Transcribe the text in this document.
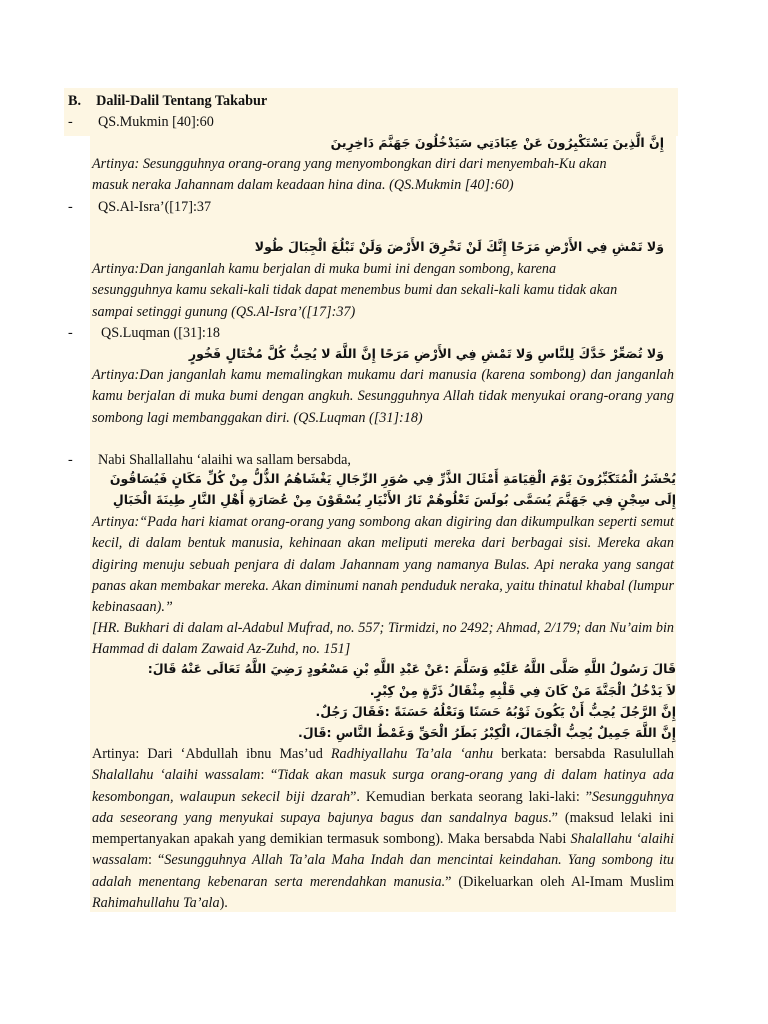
B. Dalil-Dalil Tentang Takabur
- QS.Mukmin [40]:60
إِنَّ الَّذِينَ يَسْتَكْبِرُونَ عَنْ عِبَادَتِي سَيَدْخُلُونَ جَهَنَّمَ دَاخِرِينَ
Artinya: Sesungguhnya orang-orang yang menyombongkan diri dari menyembah-Ku akan
masuk neraka Jahannam dalam keadaan hina dina. (QS.Mukmin [40]:60)
- QS.Al-Isra’([17]:37
وَلا تَمْشِ فِي الأَرْضِ مَرَحًا إِنَّكَ لَنْ تَخْرِقَ الأَرْضَ وَلَنْ تَبْلُغَ الْجِبَالَ طُولا
Artinya:Dan janganlah kamu berjalan di muka bumi ini dengan sombong, karena
sesungguhnya kamu sekali-kali tidak dapat menembus bumi dan sekali-kali kamu tidak akan
sampai setinggi gunung (QS.Al-Isra’([17]:37)
- QS.Luqman ([31]:18
وَلا تُصَعِّرْ خَدَّكَ لِلنَّاسِ وَلا تَمْشِ فِي الأَرْضِ مَرَحًا إِنَّ اللَّهَ لا يُحِبُّ كُلَّ مُخْتَالٍ فَخُورٍ
Artinya:Dan janganlah kamu memalingkan mukamu dari manusia (karena sombong) dan janganlah kamu berjalan di muka bumi dengan angkuh. Sesungguhnya Allah tidak menyukai orang-orang yang sombong lagi membanggakan diri. (QS.Luqman ([31]:18)
- Nabi Shallallahu ‘alaihi wa sallam bersabda,
يُحْشَرُ الْمُتَكَبِّرُونَ يَوْمَ الْقِيَامَةِ أَمْثَالَ الذَّرِّ فِي صُوَرِ الرِّجَالِ يَغْشَاهُمُ الذُّلُّ مِنْ كُلِّ مَكَانٍ فَيُسَاقُونَ
إِلَى سِجْنٍ فِي جَهَنَّمَ يُسَمَّى بُولَسَ تَعْلُوهُمْ نَارُ الأَنْيَارِ يُسْقَوْنَ مِنْ عُصَارَةِ أَهْلِ النَّارِ طِينَةَ الْخَبَالِ
Artinya:“Pada hari kiamat orang-orang yang sombong akan digiring dan dikumpulkan seperti semut kecil, di dalam bentuk manusia, kehinaan akan meliputi mereka dari berbagai sisi. Mereka akan digiring menuju sebuah penjara di dalam Jahannam yang namanya Bulas. Api neraka yang sangat panas akan membakar mereka. Akan diminumi nanah penduduk neraka, yaitu thinatul khabal (lumpur kebinasaan).”
[HR. Bukhari di dalam al-Adabul Mufrad, no. 557; Tirmidzi, no 2492; Ahmad, 2/179; dan Nu’aim bin Hammad di dalam Zawaid Az-Zuhd, no. 151]
قَالَ رَسُولُ اللَّهِ صَلَّى اللَّهُ عَلَيْهِ وَسَلَّمَ :عَنْ عَبْدِ اللَّهِ بْنِ مَسْعُودٍ رَضِيَ اللَّهُ تَعَالَى عَنْهُ قَالَ:
لاَ يَدْخُلُ الْجَنَّةَ مَنْ كَانَ فِي قَلْبِهِ مِثْقَالُ ذَرَّةٍ مِنْ كِبْرٍ.
إِنَّ الرَّجُلَ يُحِبُّ أَنْ يَكُونَ ثَوْبُهُ حَسَنًا وَنَعْلُهُ حَسَنَةً :فَقَالَ رَجُلٌ.
إِنَّ اللَّهَ جَمِيلٌ يُحِبُّ الْجَمَالَ، الْكِبْرُ بَطَرُ الْحَقِّ وَغَمْطُ النَّاسِ :قَالَ.
Artinya: Dari ‘Abdullah ibnu Mas’ud Radhiyallahu Ta’ala ‘anhu berkata: bersabda Rasulullah Shalallahu ‘alaihi wassalam: “Tidak akan masuk surga orang-orang yang di dalam hatinya ada kesombongan, walaupun sekecil biji dzarah”. Kemudian berkata seorang laki-laki: ”Sesungguhnya ada seseorang yang menyukai supaya bajunya bagus dan sandalnya bagus.” (maksud lelaki ini mempertanyakan apakah yang demikian termasuk sombong). Maka bersabda Nabi Shalallahu ‘alaihi wassalam: “Sesungguhnya Allah Ta’ala Maha Indah dan mencintai keindahan. Yang sombong itu adalah menentang kebenaran serta merendahkan manusia.” (Dikeluarkan oleh Al-Imam Muslim Rahimahullahu Ta’ala).
